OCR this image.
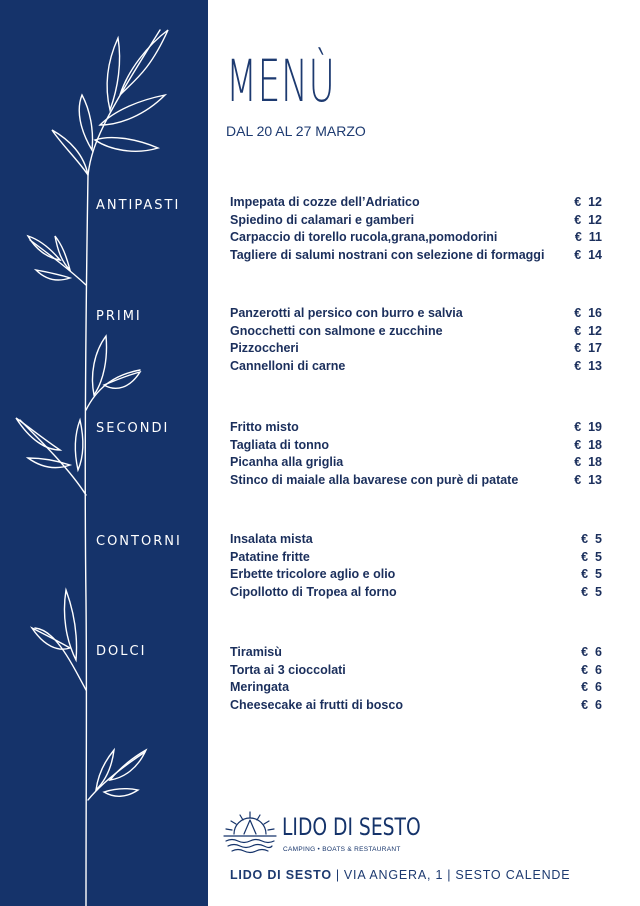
ANTIPASTI
PRIMI
SECONDI
CONTORNI
DOLCI
MENÙ
DAL 20 AL 27 MARZO
Impepata di cozze dell’Adriatico	€  12
Spiedino di calamari e gamberi	€  12
Carpaccio di torello rucola,grana,pomodorini	€  11
Tagliere di salumi nostrani con selezione di formaggi €  14
Panzerotti al persico con burro e salvia	€  16
Gnocchetti con salmone e zucchine	€  12
Pizzoccheri	€  17
Cannelloni di carne	€  13
Fritto misto	€  19
Tagliata di tonno	€  18
Picanha alla griglia	€  18
Stinco di maiale alla bavarese con purè di patate	€  13
Insalata mista	€  5
Patatine fritte	€  5
Erbette tricolore aglio e olio	€  5
Cipollotto di Tropea al forno	€  5
Tiramisù	€  6
Torta ai 3 cioccolati	€  6
Meringata	€  6
Cheesecake ai frutti di bosco	€  6
LIDO DI SESTO
CAMPING • BOATS & RESTAURANT
LIDO DI SESTO | VIA ANGERA, 1 | SESTO CALENDE
